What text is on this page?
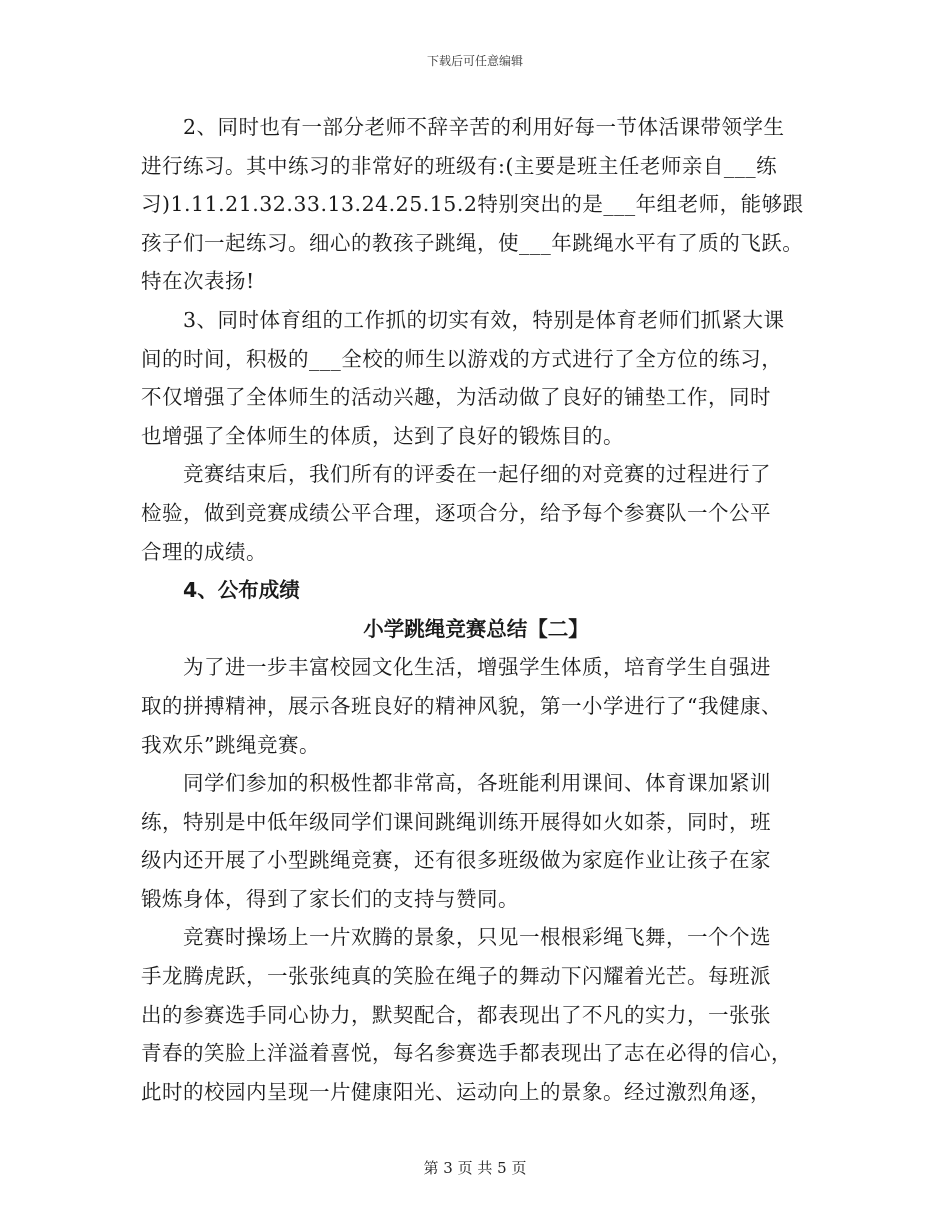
下载后可任意编辑
2、同时也有一部分老师不辞辛苦的利用好每一节体活课带领学生
进行练习。其中练习的非常好的班级有:(主要是班主任老师亲自___练
习)1.11.21.32.33.13.24.25.15.2特别突出的是___年组老师，能够跟
孩子们一起练习。细心的教孩子跳绳，使___年跳绳水平有了质的飞跃。
特在次表扬!
3、同时体育组的工作抓的切实有效，特别是体育老师们抓紧大课
间的时间，积极的___全校的师生以游戏的方式进行了全方位的练习，
不仅增强了全体师生的活动兴趣，为活动做了良好的铺垫工作，同时
也增强了全体师生的体质，达到了良好的锻炼目的。
竞赛结束后，我们所有的评委在一起仔细的对竞赛的过程进行了
检验，做到竞赛成绩公平合理，逐项合分，给予每个参赛队一个公平
合理的成绩。
4、公布成绩
小学跳绳竞赛总结【二】
为了进一步丰富校园文化生活，增强学生体质，培育学生自强进
取的拼搏精神，展示各班良好的精神风貌，第一小学进行了“我健康、
我欢乐”跳绳竞赛。
同学们参加的积极性都非常高，各班能利用课间、体育课加紧训
练，特别是中低年级同学们课间跳绳训练开展得如火如荼，同时，班
级内还开展了小型跳绳竞赛，还有很多班级做为家庭作业让孩子在家
锻炼身体，得到了家长们的支持与赞同。
竞赛时操场上一片欢腾的景象，只见一根根彩绳飞舞，一个个选
手龙腾虎跃，一张张纯真的笑脸在绳子的舞动下闪耀着光芒。每班派
出的参赛选手同心协力，默契配合，都表现出了不凡的实力，一张张
青春的笑脸上洋溢着喜悦，每名参赛选手都表现出了志在必得的信心，
此时的校园内呈现一片健康阳光、运动向上的景象。经过激烈角逐，
第 3 页 共 5 页
